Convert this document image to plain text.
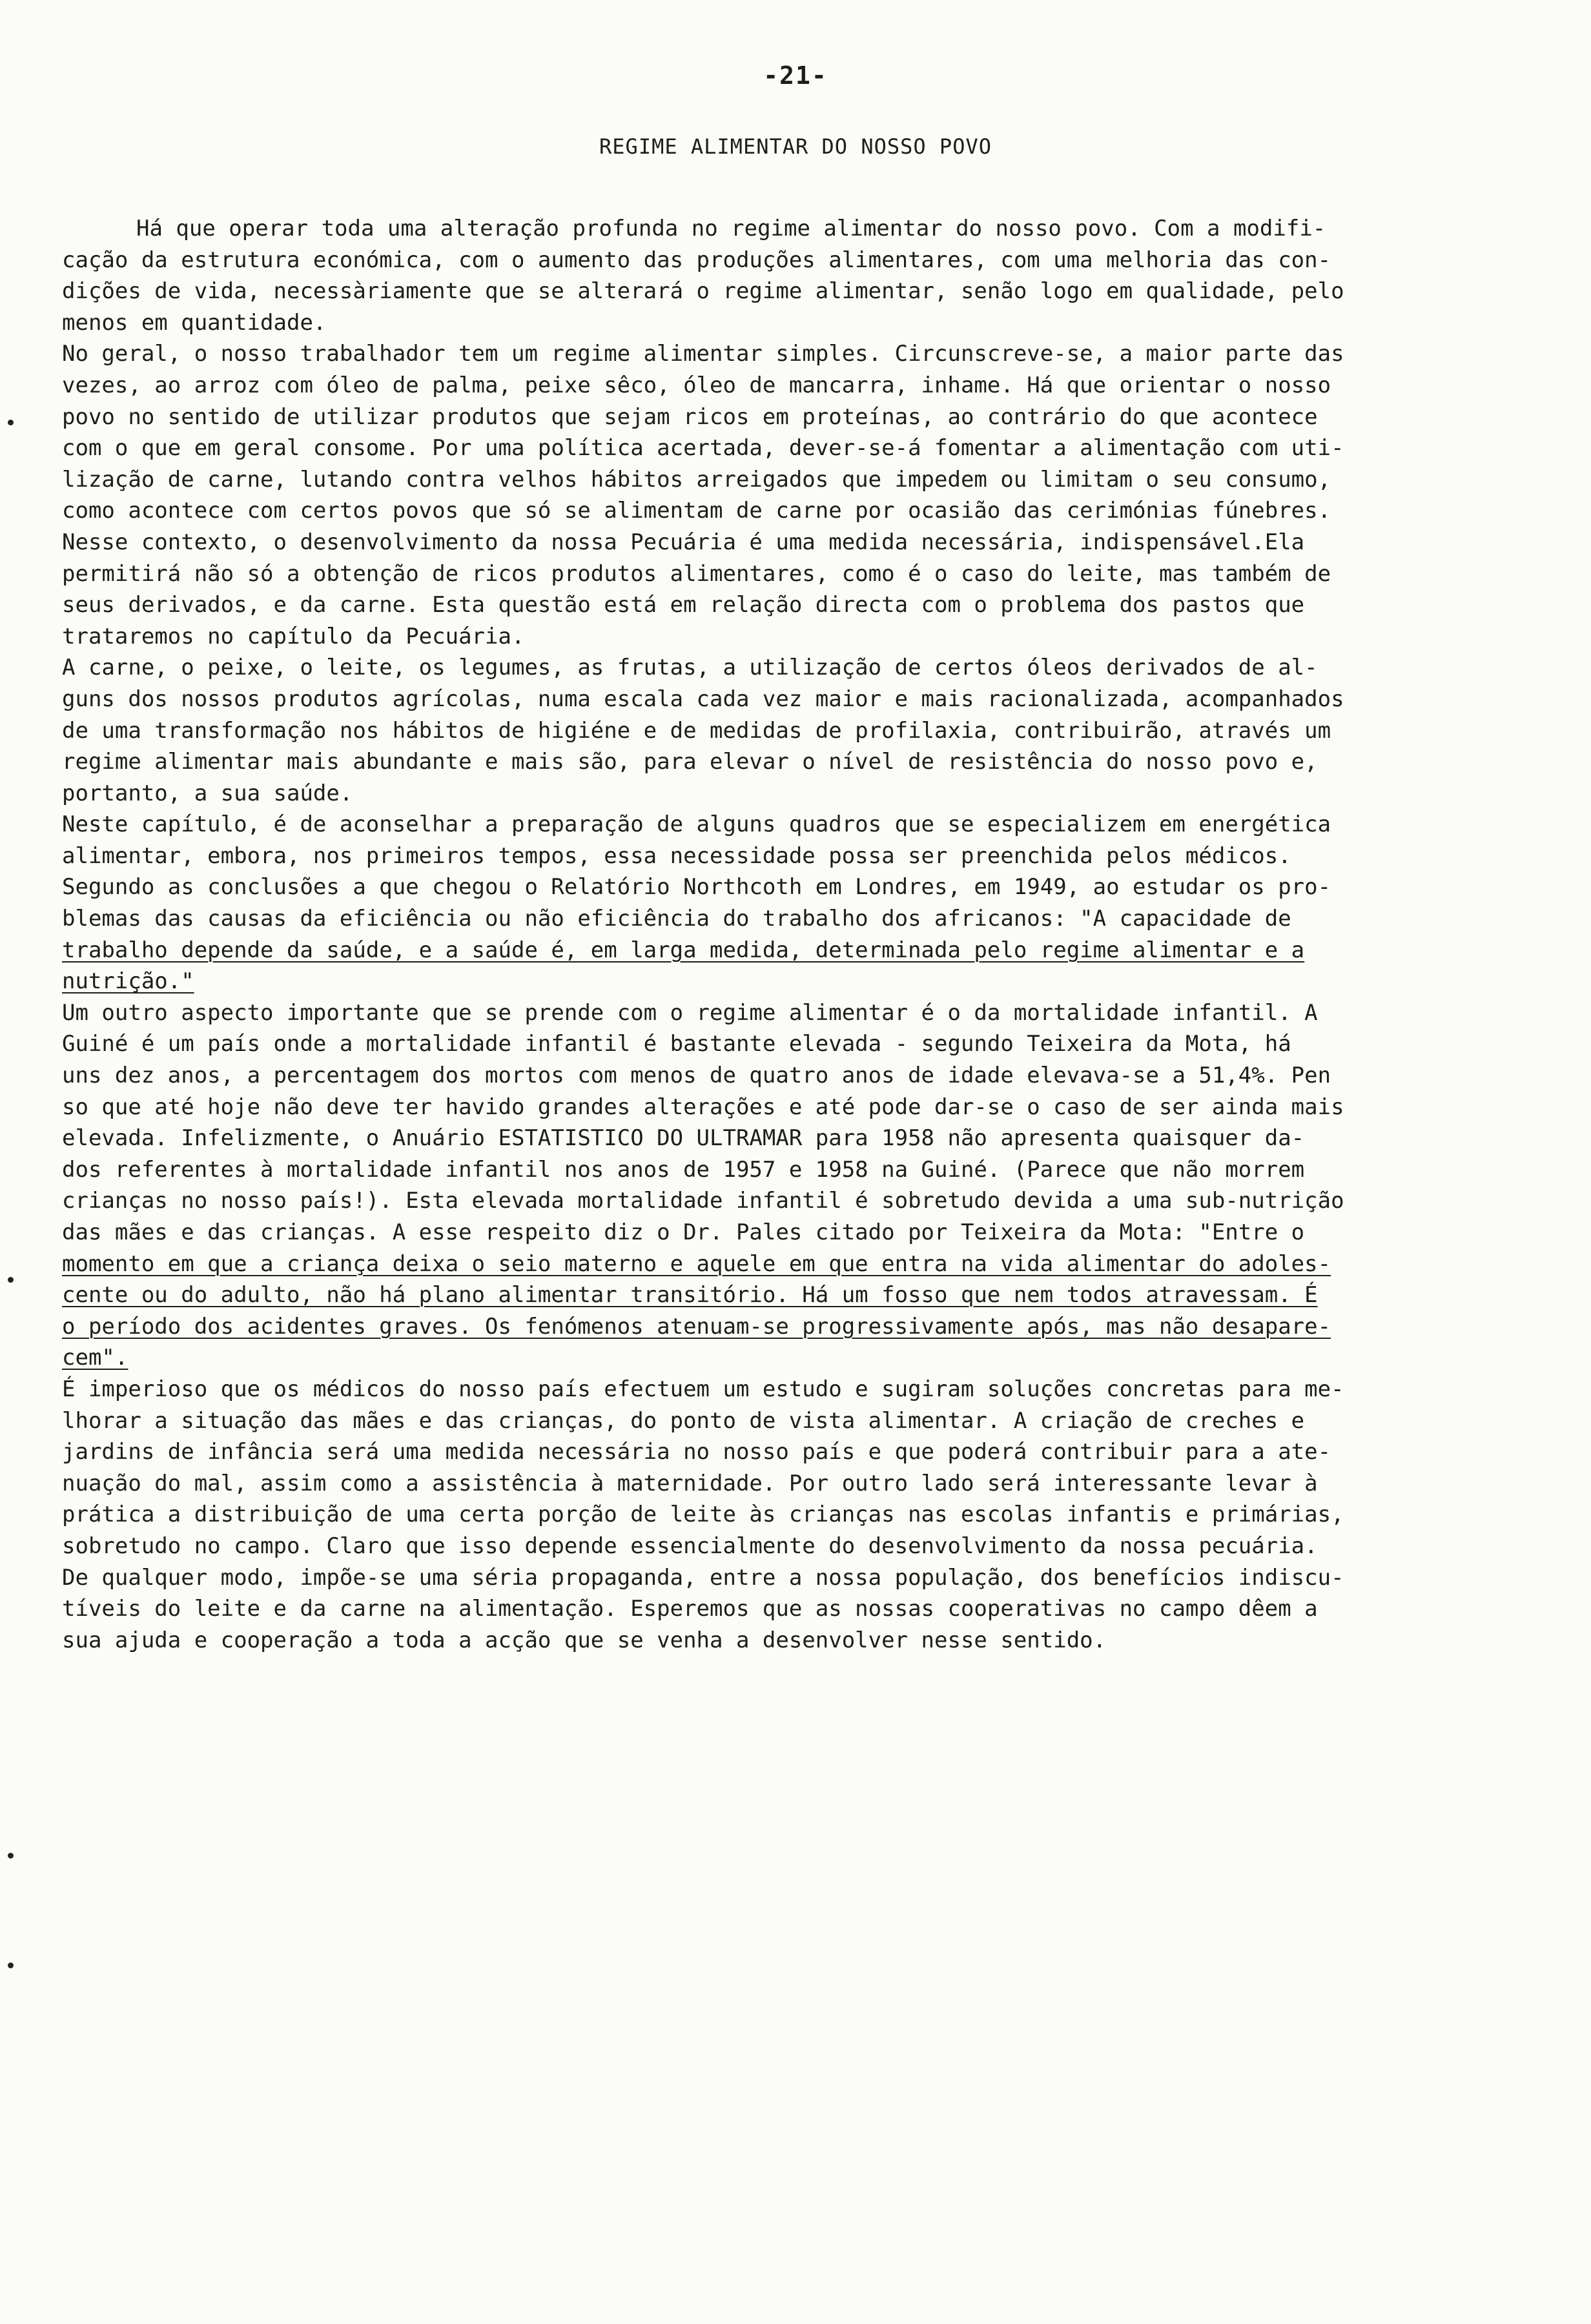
-21-
REGIME ALIMENTAR DO NOSSO POVO
Há que operar toda uma alteração profunda no regime alimentar do nosso povo. Com a modifi-
cação da estrutura económica, com o aumento das produções alimentares, com uma melhoria das con-
dições de vida, necessàriamente que se alterará o regime alimentar, senão logo em qualidade, pelo
menos em quantidade.
No geral, o nosso trabalhador tem um regime alimentar simples. Circunscreve-se, a maior parte das
vezes, ao arroz com óleo de palma, peixe sêco, óleo de mancarra, inhame. Há que orientar o nosso
povo no sentido de utilizar produtos que sejam ricos em proteínas, ao contrário do que acontece
com o que em geral consome. Por uma política acertada, dever-se-á fomentar a alimentação com uti-
lização de carne, lutando contra velhos hábitos arreigados que impedem ou limitam o seu consumo,
como acontece com certos povos que só se alimentam de carne por ocasião das cerimónias fúnebres.
Nesse contexto, o desenvolvimento da nossa Pecuária é uma medida necessária, indispensável.Ela
permitirá não só a obtenção de ricos produtos alimentares, como é o caso do leite, mas também de
seus derivados, e da carne. Esta questão está em relação directa com o problema dos pastos que
trataremos no capítulo da Pecuária.
A carne, o peixe, o leite, os legumes, as frutas, a utilização de certos óleos derivados de al-
guns dos nossos produtos agrícolas, numa escala cada vez maior e mais racionalizada, acompanhados
de uma transformação nos hábitos de higiéne e de medidas de profilaxia, contribuirão, através um
regime alimentar mais abundante e mais são, para elevar o nível de resistência do nosso povo e,
portanto, a sua saúde.
Neste capítulo, é de aconselhar a preparação de alguns quadros que se especializem em energética
alimentar, embora, nos primeiros tempos, essa necessidade possa ser preenchida pelos médicos.
Segundo as conclusões a que chegou o Relatório Northcoth em Londres, em 1949, ao estudar os pro-
blemas das causas da eficiência ou não eficiência do trabalho dos africanos: "A capacidade de
trabalho depende da saúde, e a saúde é, em larga medida, determinada pelo regime alimentar e a
nutrição."
Um outro aspecto importante que se prende com o regime alimentar é o da mortalidade infantil. A
Guiné é um país onde a mortalidade infantil é bastante elevada - segundo Teixeira da Mota, há
uns dez anos, a percentagem dos mortos com menos de quatro anos de idade elevava-se a 51,4%. Pen
so que até hoje não deve ter havido grandes alterações e até pode dar-se o caso de ser ainda mais
elevada. Infelizmente, o Anuário ESTATISTICO DO ULTRAMAR para 1958 não apresenta quaisquer da-
dos referentes à mortalidade infantil nos anos de 1957 e 1958 na Guiné. (Parece que não morrem
crianças no nosso país!). Esta elevada mortalidade infantil é sobretudo devida a uma sub-nutrição
das mães e das crianças. A esse respeito diz o Dr. Pales citado por Teixeira da Mota: "Entre o
momento em que a criança deixa o seio materno e aquele em que entra na vida alimentar do adoles-
cente ou do adulto, não há plano alimentar transitório. Há um fosso que nem todos atravessam. É
o período dos acidentes graves. Os fenómenos atenuam-se progressivamente após, mas não desapare-
cem".
É imperioso que os médicos do nosso país efectuem um estudo e sugiram soluções concretas para me-
lhorar a situação das mães e das crianças, do ponto de vista alimentar. A criação de creches e
jardins de infância será uma medida necessária no nosso país e que poderá contribuir para a ate-
nuação do mal, assim como a assistência à maternidade. Por outro lado será interessante levar à
prática a distribuição de uma certa porção de leite às crianças nas escolas infantis e primárias,
sobretudo no campo. Claro que isso depende essencialmente do desenvolvimento da nossa pecuária.
De qualquer modo, impõe-se uma séria propaganda, entre a nossa população, dos benefícios indiscu-
tíveis do leite e da carne na alimentação. Esperemos que as nossas cooperativas no campo dêem a
sua ajuda e cooperação a toda a acção que se venha a desenvolver nesse sentido.
